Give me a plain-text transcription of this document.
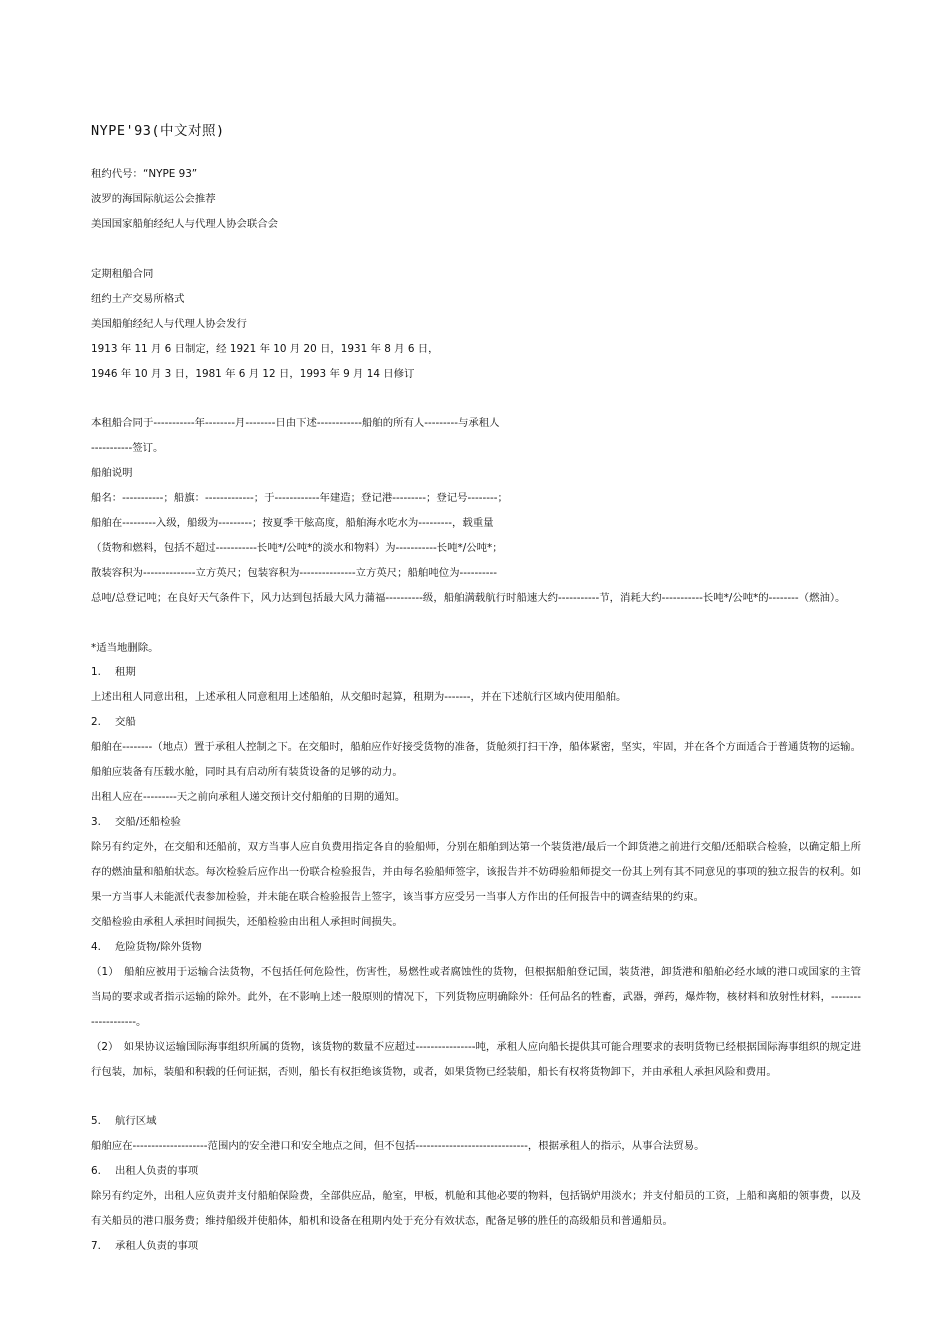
NYPE'93(中文对照)
租约代号：“NYPE 93”
波罗的海国际航运公会推荐
美国国家船舶经纪人与代理人协会联合会
定期租船合同
纽约土产交易所格式
美国船舶经纪人与代理人协会发行
1913 年 11 月 6 日制定，经 1921 年 10 月 20 日，1931 年 8 月 6 日，
1946 年 10 月 3 日，1981 年 6 月 12 日，1993 年 9 月 14 日修订
本租船合同于-----------年--------月--------日由下述------------船舶的所有人---------与承租人
-----------签订。
船舶说明
船名：-----------；船旗：-------------；于------------年建造；登记港---------；登记号--------；
船舶在---------入级，船级为---------；按夏季干舷高度，船舶海水吃水为---------，载重量
（货物和燃料，包括不超过-----------长吨*/公吨*的淡水和物料）为-----------长吨*/公吨*；
散装容积为--------------立方英尺；包装容积为---------------立方英尺；船舶吨位为----------
总吨/总登记吨；在良好天气条件下，风力达到包括最大风力蒲福----------级，船舶满载航行时船速大约-----------节，消耗大约-----------长吨*/公吨*的--------（燃油）。
*适当地删除。
1. 租期
上述出租人同意出租，上述承租人同意租用上述船舶，从交船时起算，租期为-------，并在下述航行区域内使用船舶。
2. 交船
船舶在--------（地点）置于承租人控制之下。在交船时，船舶应作好接受货物的准备，货舱须打扫干净，船体紧密，坚实，牢固，并在各个方面适合于普通货物的运输。船舶应装备有压载水舱，同时具有启动所有装货设备的足够的动力。
出租人应在---------天之前向承租人递交预计交付船舶的日期的通知。
3. 交船/还船检验
除另有约定外，在交船和还船前，双方当事人应自负费用指定各自的验船师，分别在船舶到达第一个装货港/最后一个卸货港之前进行交船/还船联合检验，以确定船上所存的燃油量和船舶状态。每次检验后应作出一份联合检验报告，并由每名验船师签字，该报告并不妨碍验船师提交一份其上列有其不同意见的事项的独立报告的权利。如果一方当事人未能派代表参加检验，并未能在联合检验报告上签字，该当事方应受另一当事人方作出的任何报告中的调查结果的约束。
交船检验由承租人承担时间损失，还船检验由出租人承担时间损失。
4. 危险货物/除外货物
（1）　船舶应被用于运输合法货物，不包括任何危险性，伤害性，易燃性或者腐蚀性的货物，但根据船舶登记国，装货港，卸货港和船舶必经水域的港口或国家的主管当局的要求或者指示运输的除外。此外，在不影响上述一般原则的情况下，下列货物应明确除外：任何品名的牲畜，武器，弹药，爆炸物，核材料和放射性材料，--------------------。
（2）　如果协议运输国际海事组织所属的货物，该货物的数量不应超过----------------吨，承租人应向船长提供其可能合理要求的表明货物已经根据国际海事组织的规定进行包装，加标，装船和积载的任何证据，否则，船长有权拒绝该货物，或者，如果货物已经装船，船长有权将货物卸下，并由承租人承担风险和费用。
5. 航行区域
船舶应在--------------------范围内的安全港口和安全地点之间，但不包括------------------------------，根据承租人的指示，从事合法贸易。
6. 出租人负责的事项
除另有约定外，出租人应负责并支付船舶保险费，全部供应品，舱室，甲板，机舱和其他必要的物料，包括锅炉用淡水；并支付船员的工资，上船和离船的领事费，以及有关船员的港口服务费；维持船级并使船体，船机和设备在租期内处于充分有效状态，配备足够的胜任的高级船员和普通船员。
7. 承租人负责的事项
